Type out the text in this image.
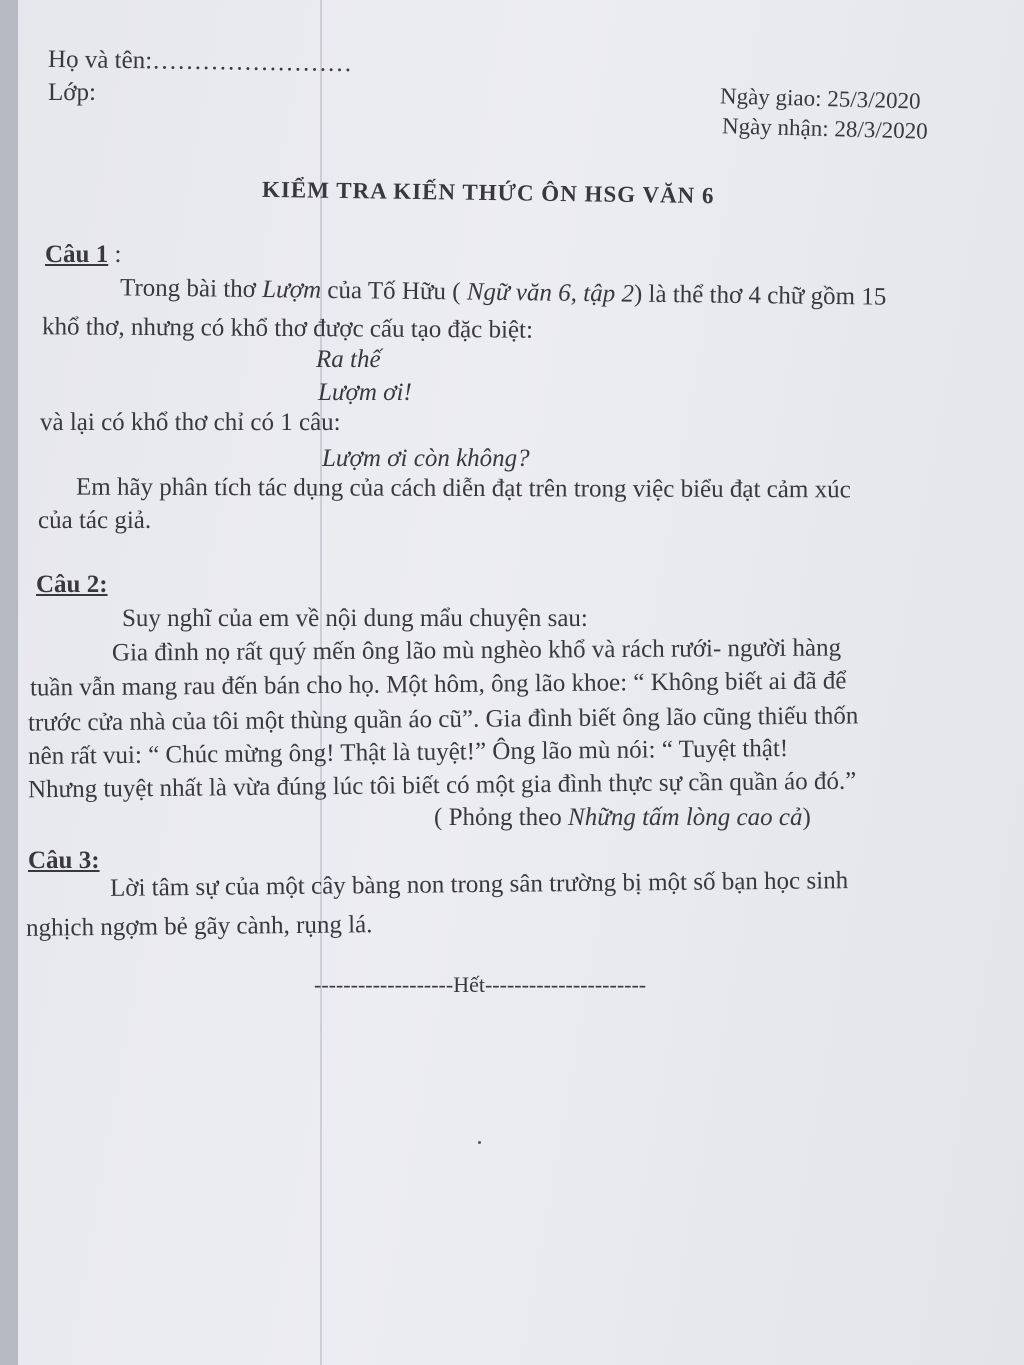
Họ và tên:……………………
Lớp:	Ngày giao: 25/3/2020
Ngày nhận: 28/3/2020
KIỂM TRA KIẾN THỨC ÔN HSG VĂN 6
Câu 1 :
Trong bài thơ Lượm của Tố Hữu ( Ngữ văn 6, tập 2) là thể thơ 4 chữ gồm 15
khổ thơ, nhưng có khổ thơ được cấu tạo đặc biệt:
Ra thế
Lượm ơi!
và lại có khổ thơ chỉ có 1 câu:
Lượm ơi còn không?
Em hãy phân tích tác dụng của cách diễn đạt trên trong việc biểu đạt cảm xúc
của tác giả.
Câu 2:
Suy nghĩ của em về nội dung mẩu chuyện sau:
Gia đình nọ rất quý mến ông lão mù nghèo khổ và rách rưới- người hàng
tuần vẫn mang rau đến bán cho họ. Một hôm, ông lão khoe: “ Không biết ai đã để
trước cửa nhà của tôi một thùng quần áo cũ”. Gia đình biết ông lão cũng thiếu thốn
nên rất vui: “ Chúc mừng ông! Thật là tuyệt!” Ông lão mù nói: “ Tuyệt thật!
Nhưng tuyệt nhất là vừa đúng lúc tôi biết có một gia đình thực sự cần quần áo đó.”
( Phỏng theo Những tấm lòng cao cả)
Câu 3:
Lời tâm sự của một cây bàng non trong sân trường bị một số bạn học sinh
nghịch ngợm bẻ gãy cành, rụng lá.
-------------------Hết----------------------
